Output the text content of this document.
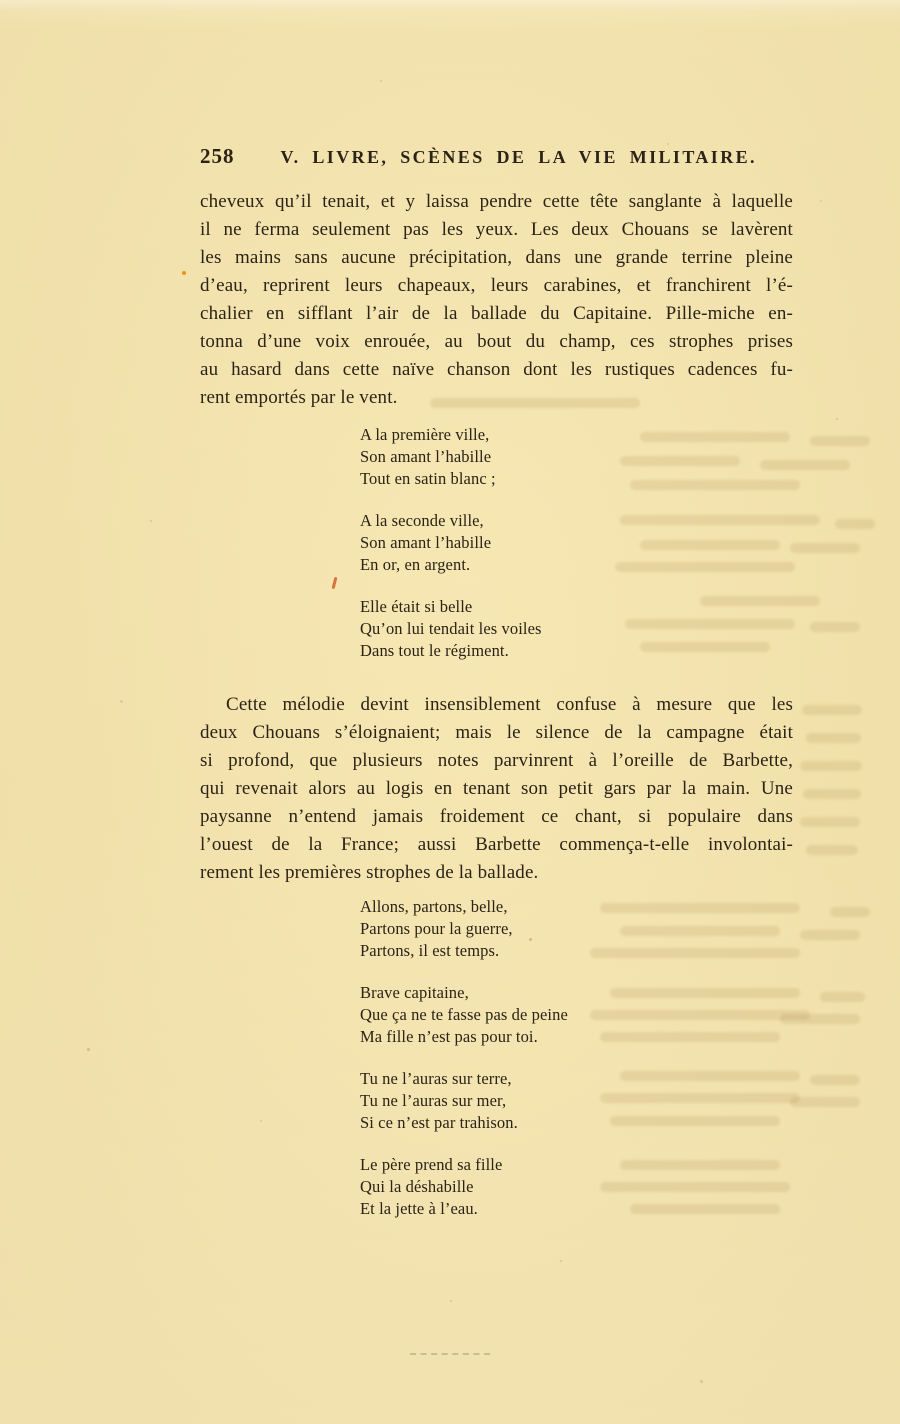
258	V. LIVRE, SCÈNES DE LA VIE MILITAIRE.
cheveux qu’il tenait, et y laissa pendre cette tête sanglante à laquelle
il ne ferma seulement pas les yeux. Les deux Chouans se lavèrent
les mains sans aucune précipitation, dans une grande terrine pleine
d’eau, reprirent leurs chapeaux, leurs carabines, et franchirent l’é-
chalier en sifflant l’air de la ballade du Capitaine. Pille-miche en-
tonna d’une voix enrouée, au bout du champ, ces strophes prises
au hasard dans cette naïve chanson dont les rustiques cadences fu-
rent emportés par le vent.
A la première ville,
Son amant l’habille
Tout en satin blanc ;
A la seconde ville,
Son amant l’habille
En or, en argent.
Elle était si belle
Qu’on lui tendait les voiles
Dans tout le régiment.
Cette mélodie devint insensiblement confuse à mesure que les
deux Chouans s’éloignaient; mais le silence de la campagne était
si profond, que plusieurs notes parvinrent à l’oreille de Barbette,
qui revenait alors au logis en tenant son petit gars par la main. Une
paysanne n’entend jamais froidement ce chant, si populaire dans
l’ouest de la France; aussi Barbette commença-t-elle involontai-
rement les premières strophes de la ballade.
Allons, partons, belle,
Partons pour la guerre,
Partons, il est temps.
Brave capitaine,
Que ça ne te fasse pas de peine
Ma fille n’est pas pour toi.
Tu ne l’auras sur terre,
Tu ne l’auras sur mer,
Si ce n’est par trahison.
Le père prend sa fille
Qui la déshabille
Et la jette à l’eau.
